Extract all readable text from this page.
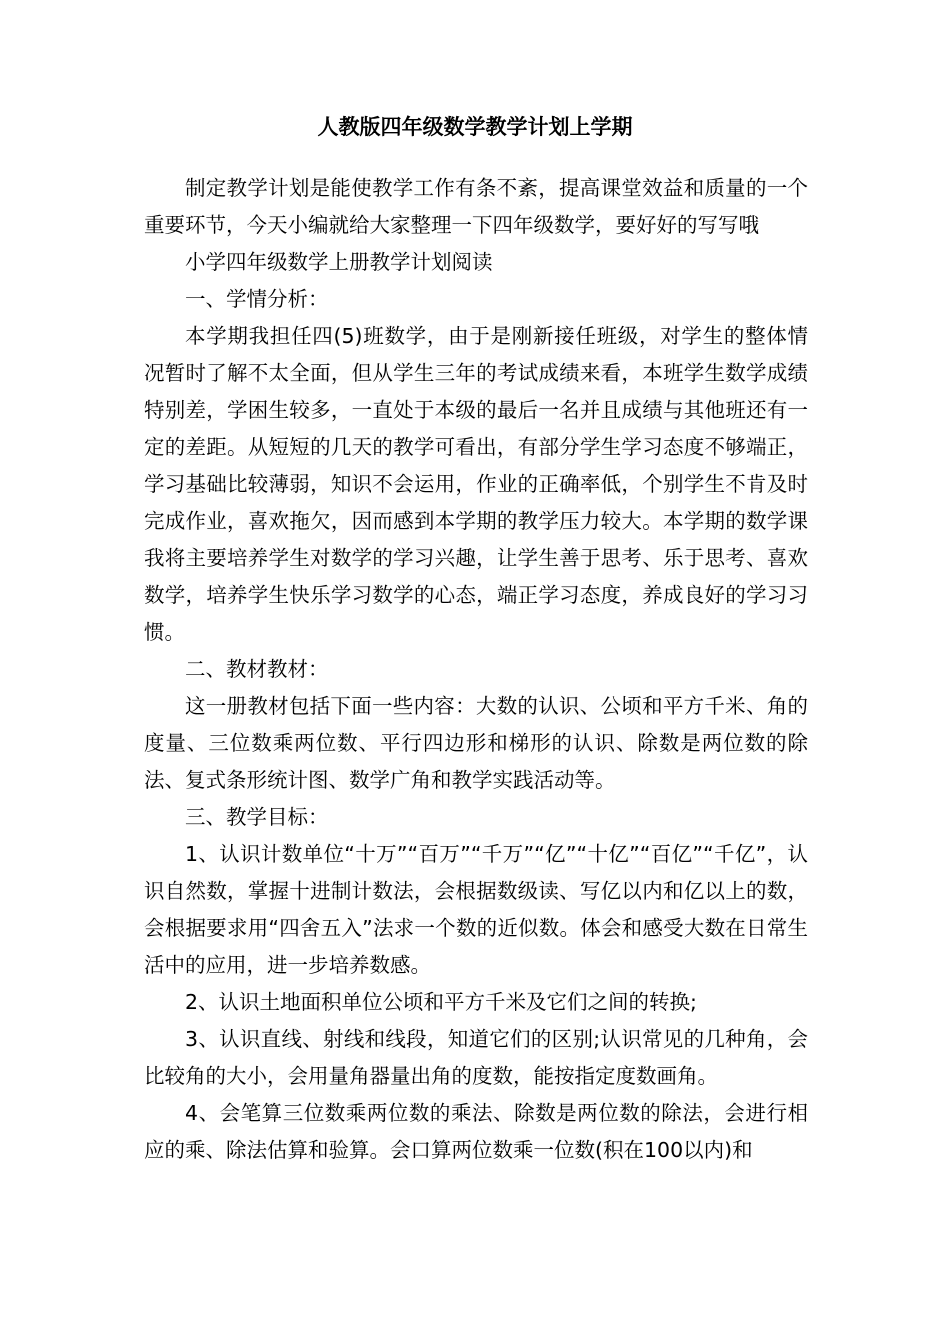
人教版四年级数学教学计划上学期

制定教学计划是能使教学工作有条不紊，提高课堂效益和质量的一个重要环节，今天小编就给大家整理一下四年级数学，要好好的写写哦

小学四年级数学上册教学计划阅读

一、学情分析：

本学期我担任四(5)班数学，由于是刚新接任班级，对学生的整体情况暂时了解不太全面，但从学生三年的考试成绩来看，本班学生数学成绩特别差，学困生较多，一直处于本级的最后一名并且成绩与其他班还有一定的差距。从短短的几天的教学可看出，有部分学生学习态度不够端正，学习基础比较薄弱，知识不会运用，作业的正确率低，个别学生不肯及时完成作业，喜欢拖欠，因而感到本学期的教学压力较大。本学期的数学课我将主要培养学生对数学的学习兴趣，让学生善于思考、乐于思考、喜欢数学，培养学生快乐学习数学的心态，端正学习态度，养成良好的学习习惯。

二、教材教材：

这一册教材包括下面一些内容：大数的认识、公顷和平方千米、角的度量、三位数乘两位数、平行四边形和梯形的认识、除数是两位数的除法、复式条形统计图、数学广角和教学实践活动等。

三、教学目标：

1、认识计数单位“十万”“百万”“千万”“亿”“十亿”“百亿”“千亿”，认识自然数，掌握十进制计数法，会根据数级读、写亿以内和亿以上的数，会根据要求用“四舍五入”法求一个数的近似数。体会和感受大数在日常生活中的应用，进一步培养数感。

2、认识土地面积单位公顷和平方千米及它们之间的转换;

3、认识直线、射线和线段，知道它们的区别;认识常见的几种角，会比较角的大小，会用量角器量出角的度数，能按指定度数画角。

4、会笔算三位数乘两位数的乘法、除数是两位数的除法，会进行相应的乘、除法估算和验算。会口算两位数乘一位数(积在100以内)和
